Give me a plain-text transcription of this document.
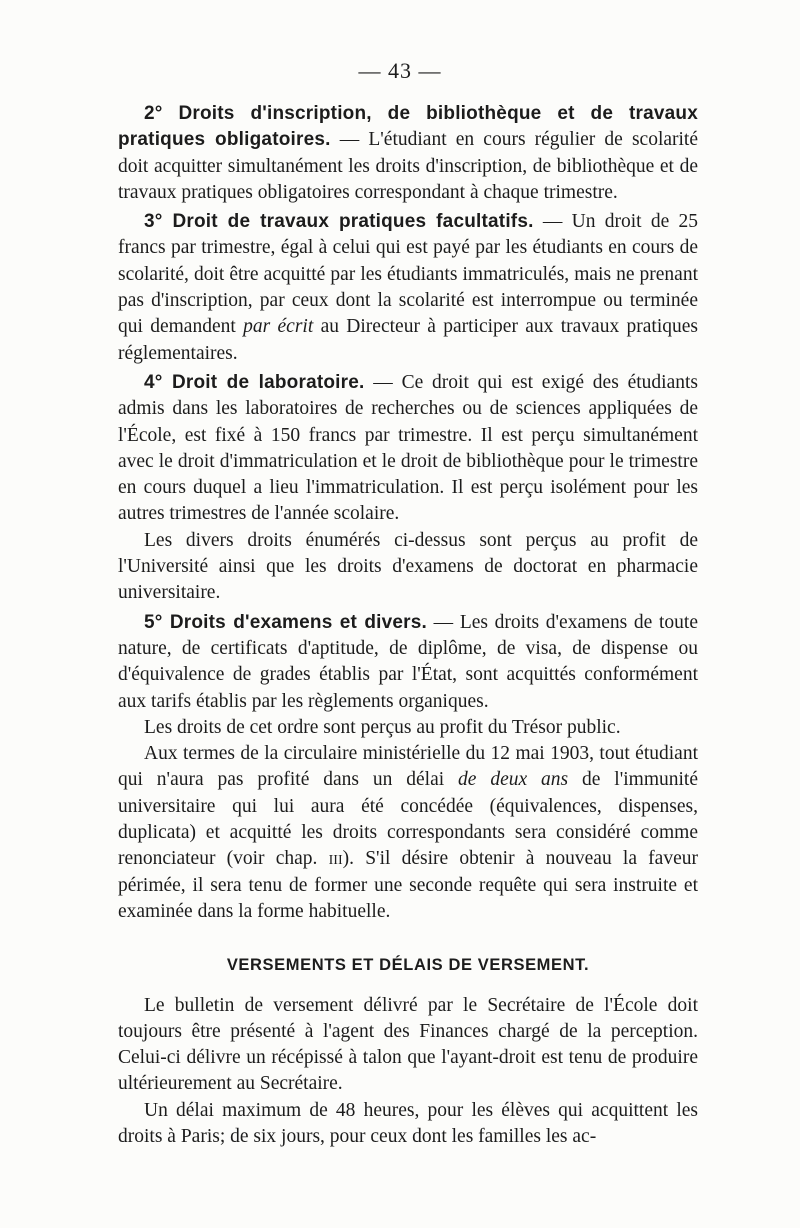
— 43 —

2° Droits d'inscription, de bibliothèque et de travaux pratiques obligatoires. — L'étudiant en cours régulier de scolarité doit acquitter simultanément les droits d'inscription, de bibliothèque et de travaux pratiques obligatoires correspondant à chaque trimestre.

3° Droit de travaux pratiques facultatifs. — Un droit de 25 francs par trimestre, égal à celui qui est payé par les étudiants en cours de scolarité, doit être acquitté par les étudiants immatriculés, mais ne prenant pas d'inscription, par ceux dont la scolarité est interrompue ou terminée qui demandent par écrit au Directeur à participer aux travaux pratiques réglementaires.

4° Droit de laboratoire. — Ce droit qui est exigé des étudiants admis dans les laboratoires de recherches ou de sciences appliquées de l'École, est fixé à 150 francs par trimestre. Il est perçu simultanément avec le droit d'immatriculation et le droit de bibliothèque pour le trimestre en cours duquel a lieu l'immatriculation. Il est perçu isolément pour les autres trimestres de l'année scolaire.

Les divers droits énumérés ci-dessus sont perçus au profit de l'Université ainsi que les droits d'examens de doctorat en pharmacie universitaire.

5° Droits d'examens et divers. — Les droits d'examens de toute nature, de certificats d'aptitude, de diplôme, de visa, de dispense ou d'équivalence de grades établis par l'État, sont acquittés conformément aux tarifs établis par les règlements organiques.

Les droits de cet ordre sont perçus au profit du Trésor public.

Aux termes de la circulaire ministérielle du 12 mai 1903, tout étudiant qui n'aura pas profité dans un délai de deux ans de l'immunité universitaire qui lui aura été concédée (équivalences, dispenses, duplicata) et acquitté les droits correspondants sera considéré comme renonciateur (voir chap. iii). S'il désire obtenir à nouveau la faveur périmée, il sera tenu de former une seconde requête qui sera instruite et examinée dans la forme habituelle.

VERSEMENTS ET DÉLAIS DE VERSEMENT.

Le bulletin de versement délivré par le Secrétaire de l'École doit toujours être présenté à l'agent des Finances chargé de la perception. Celui-ci délivre un récépissé à talon que l'ayant-droit est tenu de produire ultérieurement au Secrétaire.

Un délai maximum de 48 heures, pour les élèves qui acquittent les droits à Paris; de six jours, pour ceux dont les familles les ac-
